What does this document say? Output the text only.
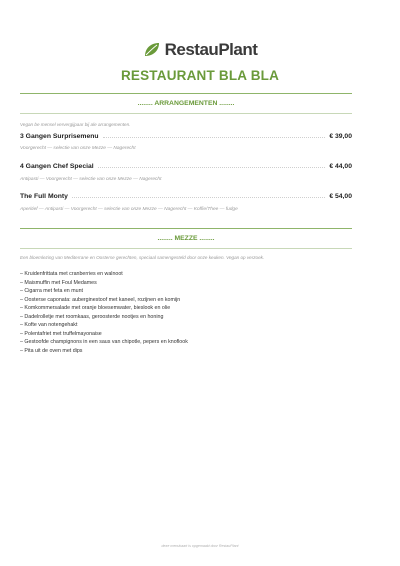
RestauPlant
RESTAURANT BLA BLA
........ ARRANGEMENTEN ........
Vegan be mensel ververgijpaar bij ale arrangementen.
3 Gangen Surprisemenu	€ 39,00
Voorgerecht — selectie van onze Mezze — Nagerecht
4 Gangen Chef Special	€ 44,00
Antipasti — Voorgerecht — selectie van onze Mezze — Nagerecht
The Full Monty	€ 54,00
Aperitief — Antipasti — Voorgerecht — selectie van onze Mezze — Nagerecht — Koffie/Thee — fudge
........ MEZZE ........
Een bloemlezing van Mediterrane en Oosterse gerechten, speciaal samengesteld door onze keuken. Vegan op verzoek.
– Kruidenfrittata met cranberries en walnoot
– Maismuffin met Foul Medames
– Cigarra met feta en munt
– Oosterse caponata: auberginestoof met kaneel, rozijnen en komijn
– Komkommersalade met oranje bloesemwater, bieslook en olie
– Dadelrolletje met roomkaas, geroosterde nootjes en honing
– Kofte van notengehakt
– Polentafriet met truffelmayonaise
– Gestoofde champignons in een saus van chipotle, pepers en knoflook
– Pita uit de oven met dips
deze menukaart is opgemaakt door RestauPlant
